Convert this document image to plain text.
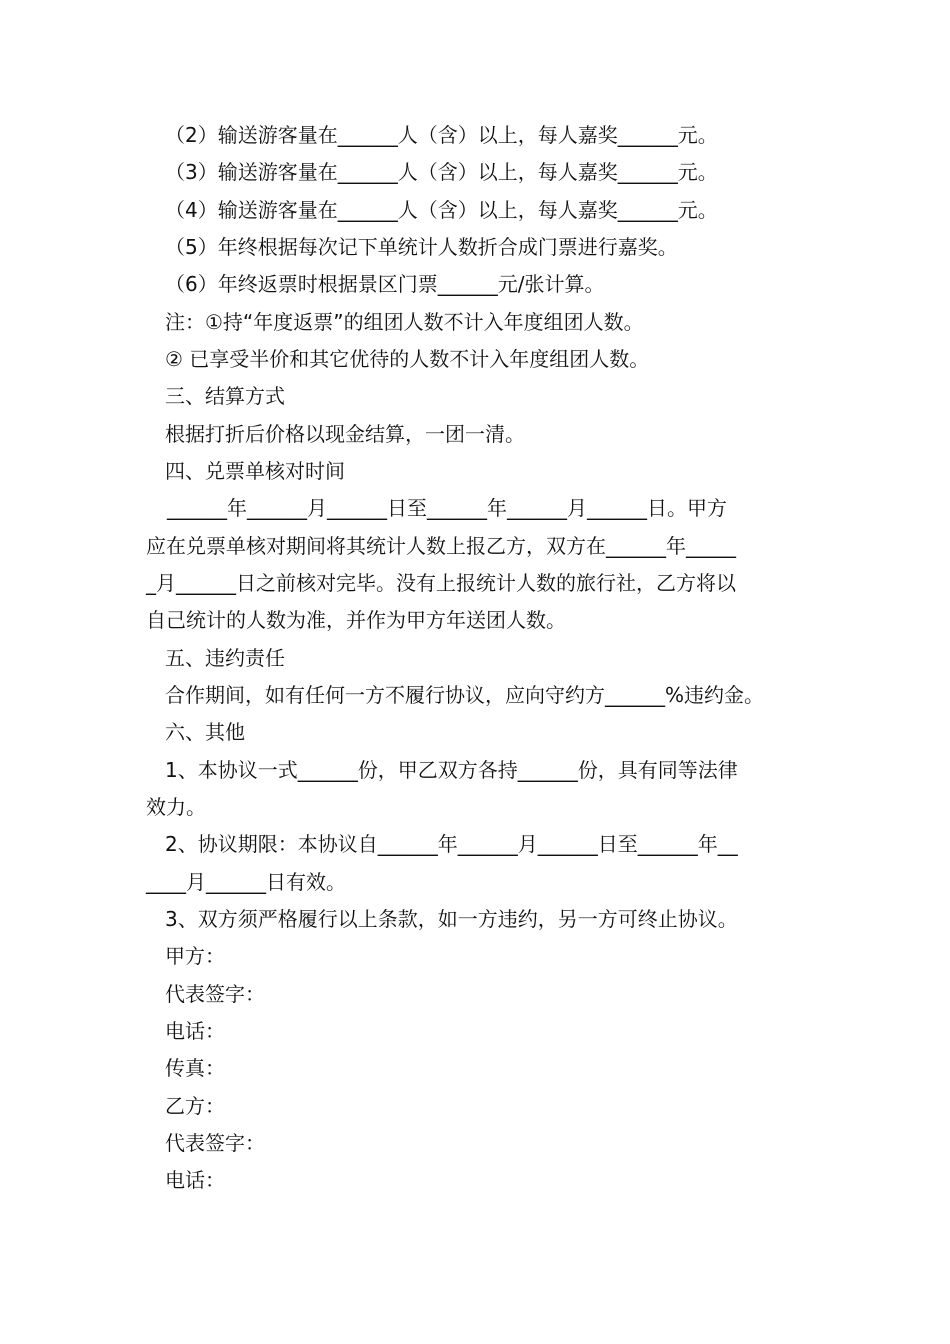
（2）输送游客量在______人（含）以上，每人嘉奖______元。
（3）输送游客量在______人（含）以上，每人嘉奖______元。
（4）输送游客量在______人（含）以上，每人嘉奖______元。
（5）年终根据每次记下单统计人数折合成门票进行嘉奖。
（6）年终返票时根据景区门票______元/张计算。
注：①持“年度返票”的组团人数不计入年度组团人数。
② 已享受半价和其它优待的人数不计入年度组团人数。
三、结算方式
根据打折后价格以现金结算，一团一清。
四、兑票单核对时间
______年______月______日至______年______月______日。甲方
应在兑票单核对期间将其统计人数上报乙方，双方在______年_____
_月______日之前核对完毕。没有上报统计人数的旅行社，乙方将以
自己统计的人数为准，并作为甲方年送团人数。
五、违约责任
合作期间，如有任何一方不履行协议，应向守约方______%违约金。
六、其他
1、本协议一式______份，甲乙双方各持______份，具有同等法律
效力。
2、协议期限：本协议自______年______月______日至______年__
____月______日有效。
3、双方须严格履行以上条款，如一方违约，另一方可终止协议。
甲方：
代表签字：
电话：
传真：
乙方：
代表签字：
电话：
